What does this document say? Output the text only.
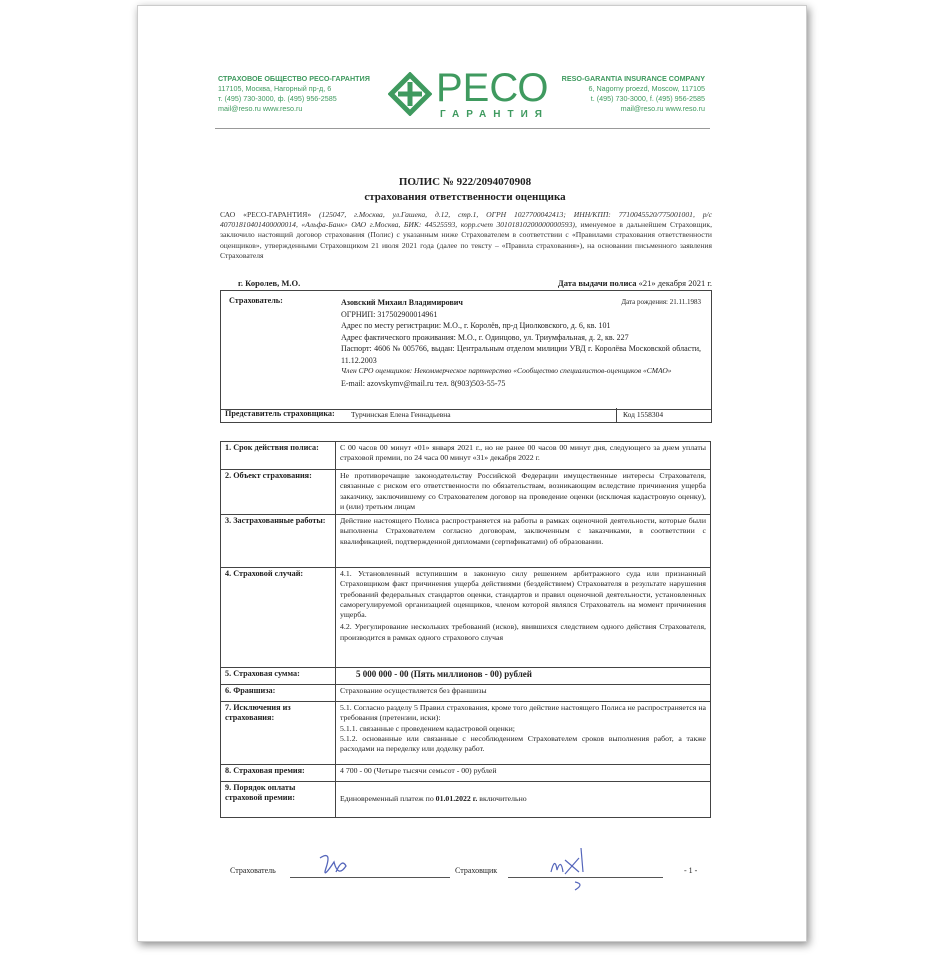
СТРАХОВОЕ ОБЩЕСТВО РЕСО-ГАРАНТИЯ
117105, Москва, Нагорный пр-д, 6
т. (495) 730-3000, ф. (495) 956-2585
mail@reso.ru www.reso.ru	РЕСО
ГАРАНТИЯ
RESO-GARANTIA INSURANCE COMPANY
6, Nagorny proezd, Moscow, 117105
t. (495) 730-3000, f. (495) 956-2585
mail@reso.ru www.reso.ru
ПОЛИС № 922/2094070908
страхования ответственности оценщика
САО «РЕСО-ГАРАНТИЯ» (125047, г.Москва, ул.Гашека, д.12, стр.1, ОГРН 1027700042413; ИНН/КПП: 7710045520/775001001, р/с 40701810401400000014, «Альфа-Банк» ОАО г.Москва, БИК: 44525593, корр.счет 30101810200000000593), именуемое в дальнейшем Страховщик, заключило настоящий договор страхования (Полис) с указанным ниже Страхователем в соответствии с «Правилами страхования ответственности оценщиков», утвержденными Страховщиком 21 июля 2021 года (далее по тексту – «Правила страхования»), на основании письменного заявления Страхователя
г. Королев, М.О.	Дата выдачи полиса «21» декабря 2021 г.
Страхователь:	Азовский Михаил Владимирович	Дата рождения: 21.11.1983
ОГРНИП: 317502900014961
Адрес по месту регистрации: М.О., г. Королёв, пр-д Циолковского, д. 6, кв. 101
Адрес фактического проживания: М.О., г. Одинцово, ул. Триумфальная, д. 2, кв. 227
Паспорт: 4606 № 005766, выдан: Центральным отделом милиции УВД г. Королёва Московской области, 11.12.2003
Член СРО оценщиков: Некоммерческое партнерство «Сообщество специалистов-оценщиков «СМАО»
E-mail: azovskymv@mail.ru тел. 8(903)503-55-75
Представитель страховщика: Турчинская Елена Геннадьевна	Код 1558304
1. Срок действия полиса:	С 00 часов 00 минут «01» января 2021 г., но не ранее 00 часов 00 минут дня, следующего за днем уплаты страховой премии, по 24 часа 00 минут «31» декабря 2022 г.
2. Объект страхования:	Не противоречащие законодательству Российской Федерации имущественные интересы Страхователя, связанные с риском его ответственности по обязательствам, возникающим вследствие причинения ущерба заказчику, заключившему со Страхователем договор на проведение оценки (исключая кадастровую оценку), и (или) третьим лицам
3. Застрахованные работы:	Действие настоящего Полиса распространяется на работы в рамках оценочной деятельности, которые были выполнены Страхователем согласно договорам, заключенным с заказчиками, в соответствии с квалификацией, подтвержденной дипломами (сертификатами) об образовании.
4. Страховой случай:	4.1. Установленный вступившим в законную силу решением арбитражного суда или признанный Страховщиком факт причинения ущерба действиями (бездействием) Страхователя в результате нарушения требований федеральных стандартов оценки, стандартов и правил оценочной деятельности, установленных саморегулируемой организацией оценщиков, членом которой являлся Страхователь на момент причинения ущерба.
4.2. Урегулирование нескольких требований (исков), явившихся следствием одного действия Страхователя, производится в рамках одного страхового случая

5. Страховая сумма:	5 000 000 - 00 (Пять миллионов - 00) рублей
6. Франшиза:	Страхование осуществляется без франшизы
7. Исключения из страхования:	5.1. Согласно разделу 5 Правил страхования, кроме того действие настоящего Полиса не распространяется на требования (претензии, иски):
5.1.1. связанные с проведением кадастровой оценки;
5.1.2. основанные или связанные с несоблюдением Страхователем сроков выполнения работ, а также расходами на переделку или доделку работ.

8. Страховая премия:	4 700 - 00 (Четыре тысячи семьсот - 00) рублей
9. Порядок оплаты страховой премии:	Единовременный платеж по 01.01.2022 г. включительно
Страхователь	Страховщик	- 1 -
